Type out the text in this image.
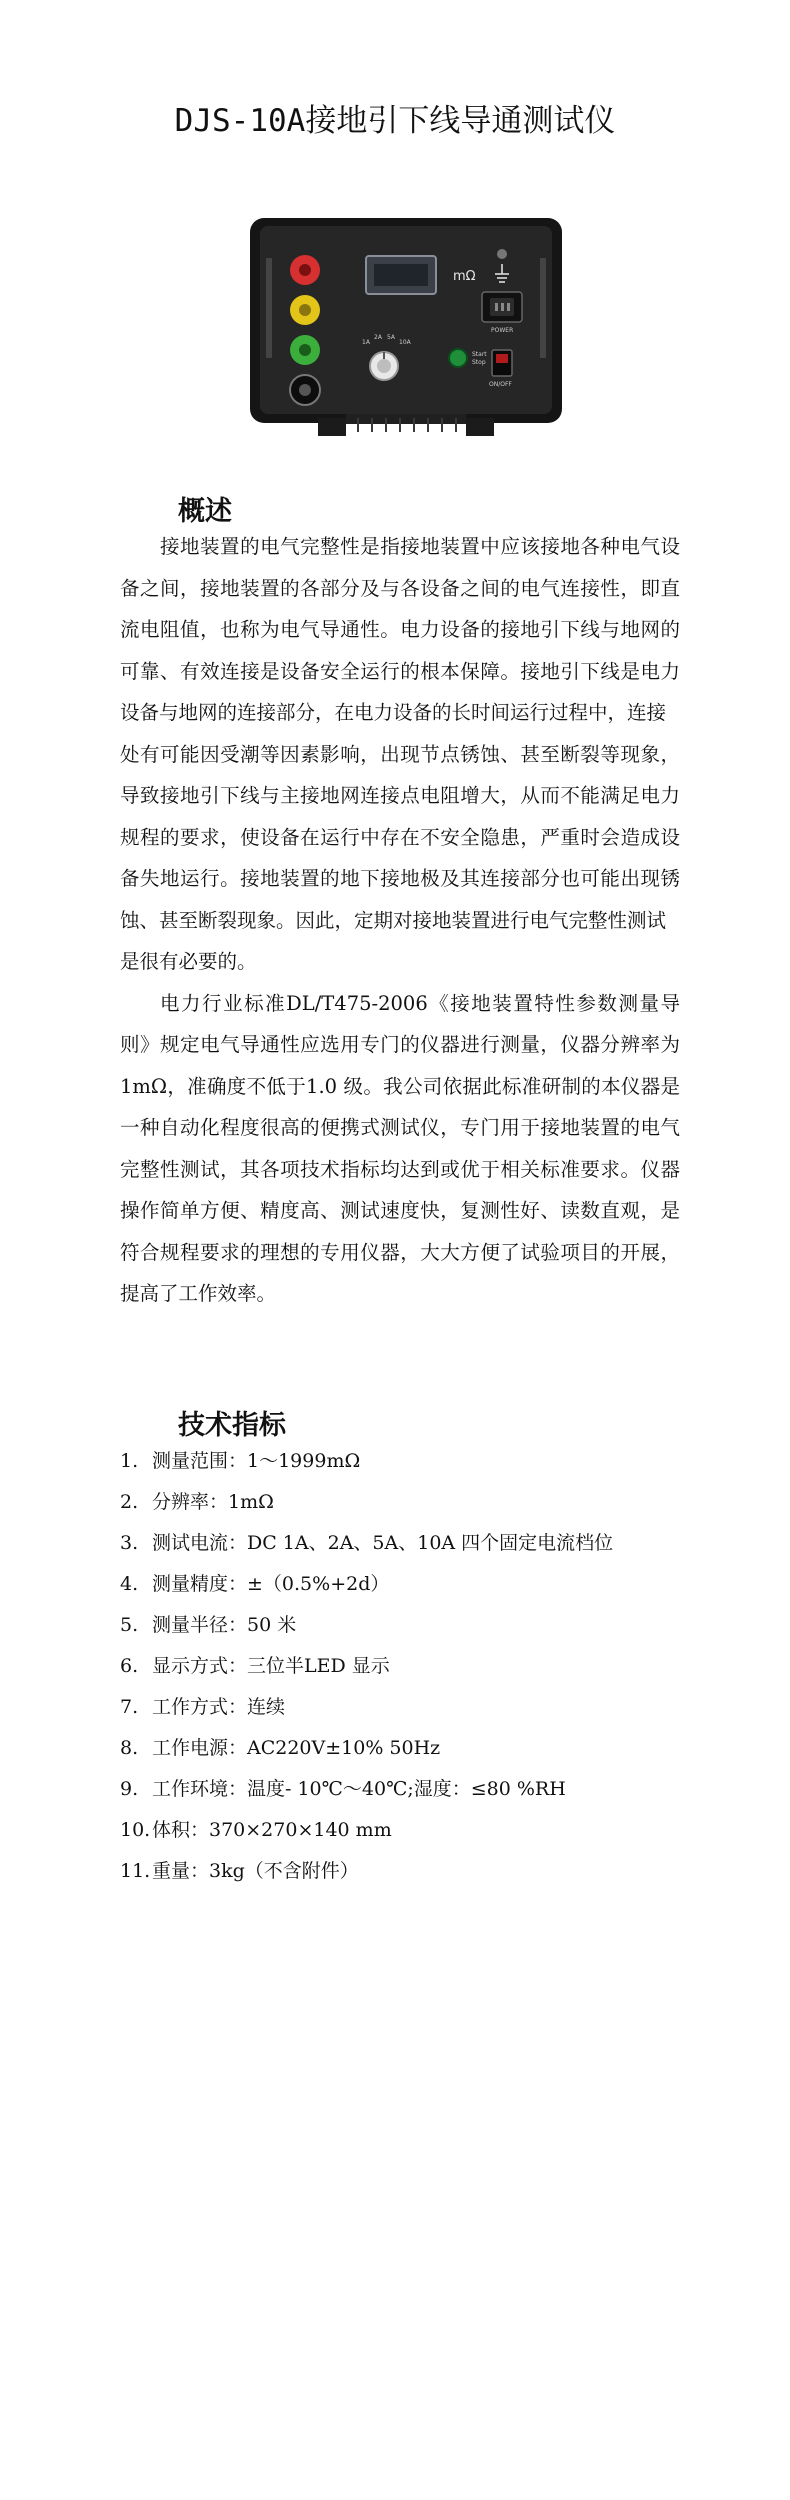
DJS-10A接地引下线导通测试仪
mΩ
1A
2A 5A
10A
Start
Stop
POWER
ON/OFF
概述

接地装置的电气完整性是指接地装置中应该接地各种电气设备之间，接地装置的各部分及与各设备之间的电气连接性，即直流电阻值，也称为电气导通性。电力设备的接地引下线与地网的可靠、有效连接是设备安全运行的根本保障。接地引下线是电力设备与地网的连接部分，在电力设备的长时间运行过程中，连接

处有可能因受潮等因素影响，出现节点锈蚀、甚至断裂等现象，导致接地引下线与主接地网连接点电阻增大，从而不能满足电力规程的要求，使设备在运行中存在不安全隐患，严重时会造成设备失地运行。接地装置的地下接地极及其连接部分也可能出现锈蚀、甚至断裂现象。因此，定期对接地装置进行电气完整性测试

是很有必要的。

电力行业标准DL/T475-2006《接地装置特性参数测量导则》规定电气导通性应选用专门的仪器进行测量，仪器分辨率为1mΩ，准确度不低于1.0 级。我公司依据此标准研制的本仪器是一种自动化程度很高的便携式测试仪，专门用于接地装置的电气完整性测试，其各项技术指标均达到或优于相关标准要求。仪器操作简单方便、精度高、测试速度快，复测性好、读数直观，是符合规程要求的理想的专用仪器，大大方便了试验项目的开展，提高了工作效率。

技术指标
1. 测量范围：1～1999mΩ
2. 分辨率：1mΩ
3. 测试电流：DC 1A、2A、5A、10A 四个固定电流档位
4. 测量精度：±（0.5%+2d）
5. 测量半径：50 米
6. 显示方式：三位半LED 显示
7. 工作方式：连续
8. 工作电源：AC220V±10% 50Hz
9. 工作环境：温度- 10℃～40℃;湿度：≤80 %RH
10.体积：370×270×140 mm
11.重量：3kg（不含附件）
